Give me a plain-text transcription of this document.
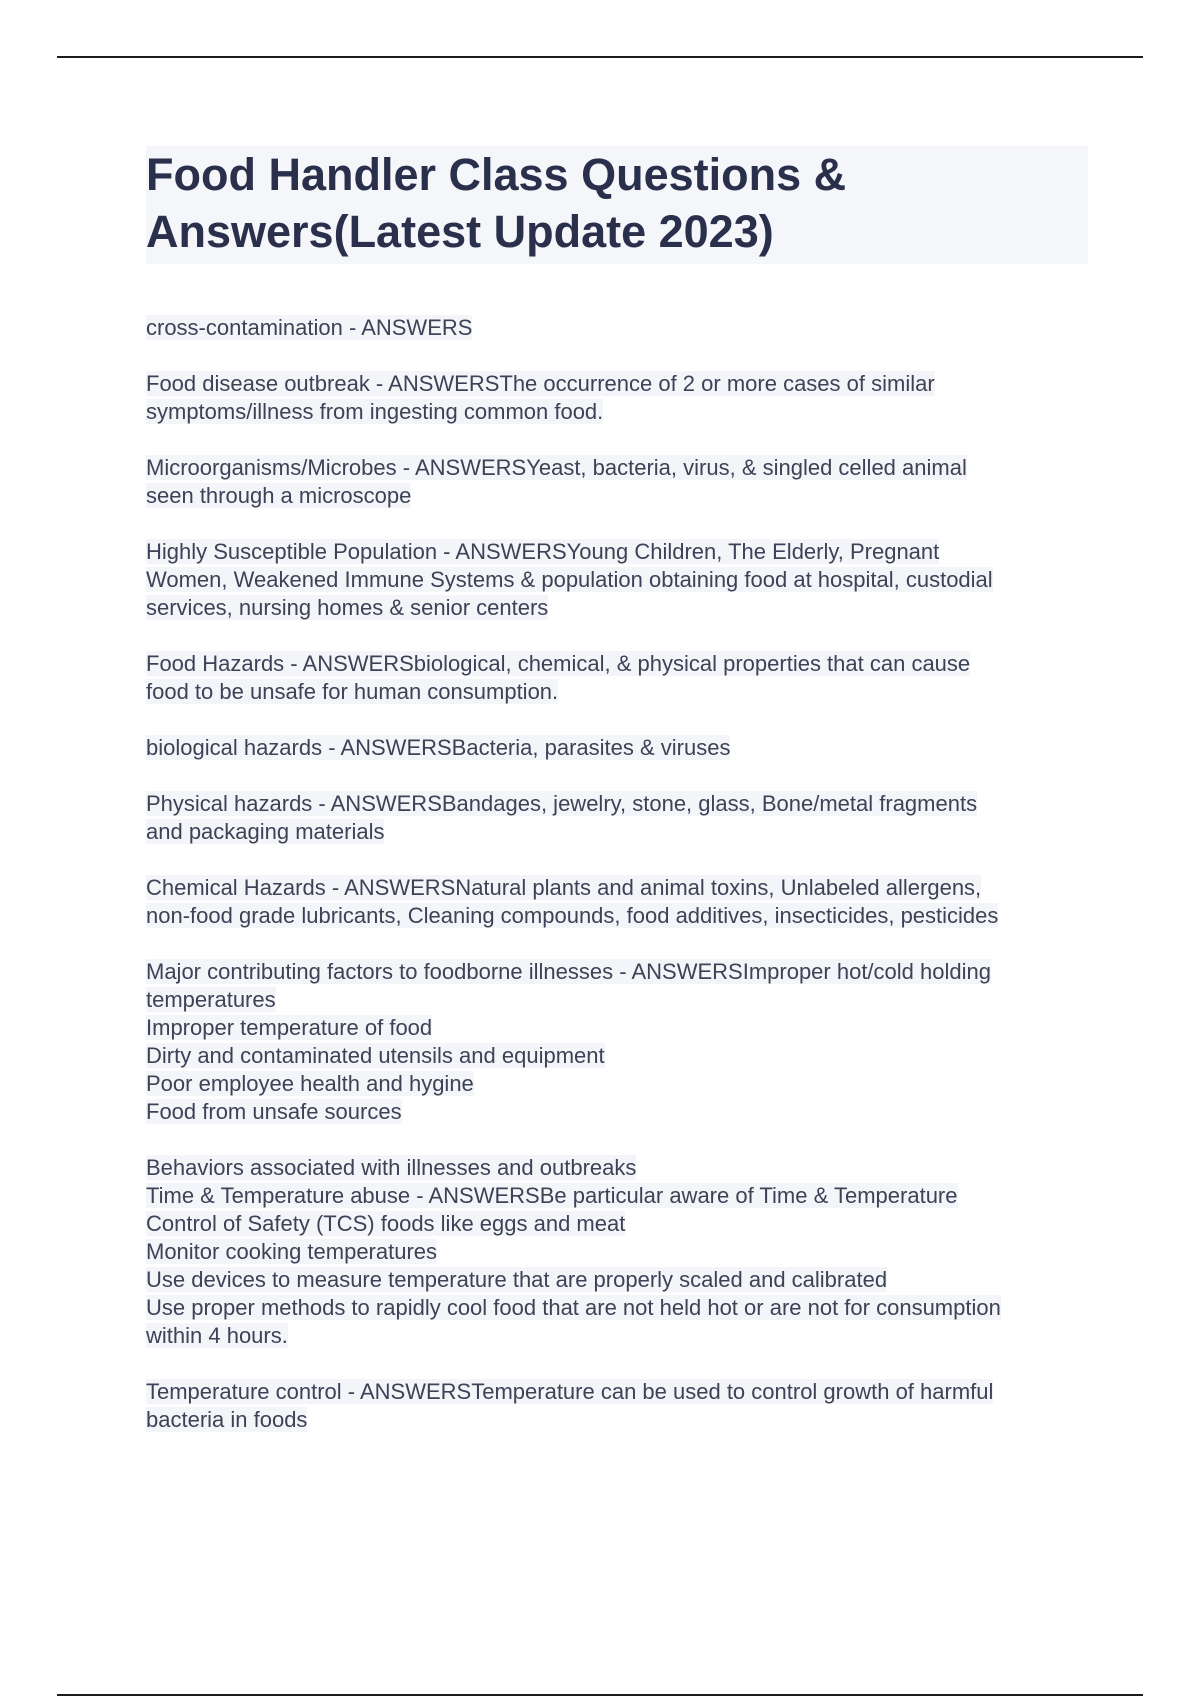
Food Handler Class Questions &
Answers(Latest Update 2023)
cross-contamination - ANSWERS
Food disease outbreak - ANSWERSThe occurrence of 2 or more cases of similar
symptoms/illness from ingesting common food.
Microorganisms/Microbes - ANSWERSYeast, bacteria, virus, & singled celled animal
seen through a microscope
Highly Susceptible Population - ANSWERSYoung Children, The Elderly, Pregnant
Women, Weakened Immune Systems & population obtaining food at hospital, custodial
services, nursing homes & senior centers
Food Hazards - ANSWERSbiological, chemical, & physical properties that can cause
food to be unsafe for human consumption.
biological hazards - ANSWERSBacteria, parasites & viruses
Physical hazards - ANSWERSBandages, jewelry, stone, glass, Bone/metal fragments
and packaging materials
Chemical Hazards - ANSWERSNatural plants and animal toxins, Unlabeled allergens,
non-food grade lubricants, Cleaning compounds, food additives, insecticides, pesticides
Major contributing factors to foodborne illnesses - ANSWERSImproper hot/cold holding
temperatures
Improper temperature of food
Dirty and contaminated utensils and equipment
Poor employee health and hygine
Food from unsafe sources
Behaviors associated with illnesses and outbreaks
Time & Temperature abuse - ANSWERSBe particular aware of Time & Temperature
Control of Safety (TCS) foods like eggs and meat
Monitor cooking temperatures
Use devices to measure temperature that are properly scaled and calibrated
Use proper methods to rapidly cool food that are not held hot or are not for consumption
within 4 hours.
Temperature control - ANSWERSTemperature can be used to control growth of harmful
bacteria in foods
